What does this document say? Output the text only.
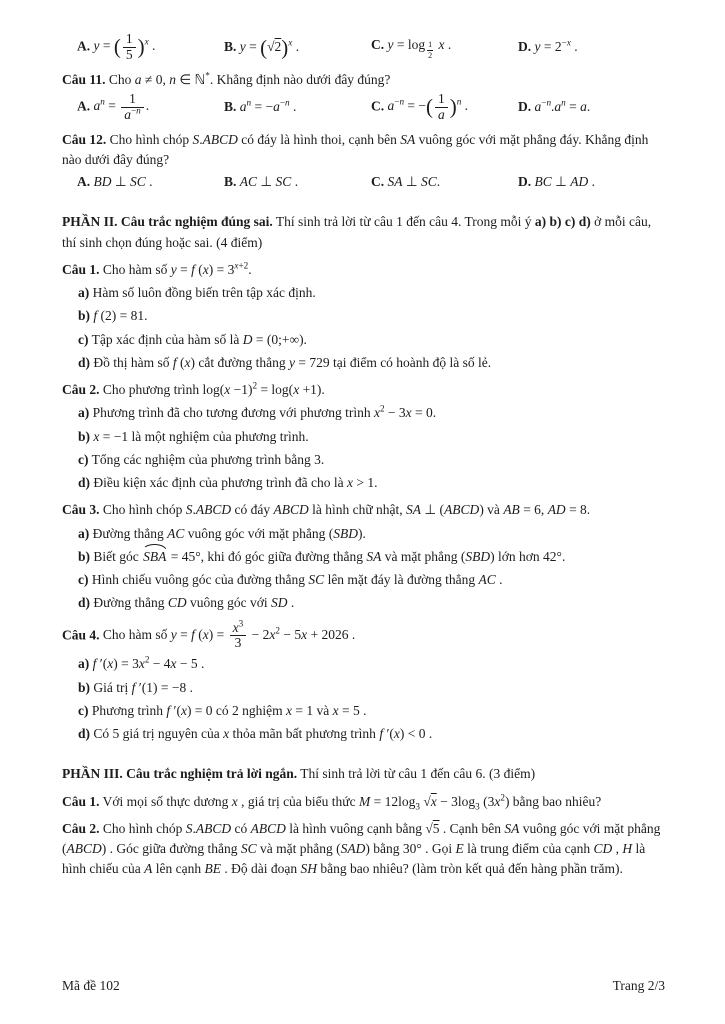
A. y = ( $\frac{1}{5} )^x$ .	B. $y = (√2)^x$ .	C. $y = \log \frac{1}{2}$ x .	D. $y = 2^{-x}$ .

Câu 11. Cho a ≠ 0, n ∈ ℕ*. Khẳng định nào dưới đây đúng?

A. $a^n = \frac{1}{a^{-n}}$ .	B. $a^n = -a^{-n}$ .	C. $a^{-n}$ = −( $\frac{1}{a} )^n$ .	D. $a^{-n}.a^n = a$.

Câu 12. Cho hình chóp S.ABCD có đáy là hình thoi, cạnh bên SA vuông góc với mặt phẳng đáy. Khẳng định nào dưới đây đúng?

A. BD ⊥ SC .	B. AC ⊥ SC .	C. SA ⊥ SC.	D. BC ⊥ AD .

PHẦN II. Câu trắc nghiệm đúng sai. Thí sinh trả lời từ câu 1 đến câu 4. Trong mỗi ý a) b) c) d) ở mỗi câu, thí sinh chọn đúng hoặc sai. (4 điểm)

Câu 1. Cho hàm số y = f $(x) = 3^{x+2}$.

a) Hàm số luôn đồng biến trên tập xác định.

b) f (2) = 81.

c) Tập xác định của hàm số là D = (0;+∞).

d) Đồ thị hàm số f (x) cắt đường thẳng y = 729 tại điểm có hoành độ là số lẻ.

Câu 2. Cho phương trình $\log(x -1)^2 = \log(x +1)$.

a) Phương trình đã cho tương đương với phương trình $x^2 - 3x = 0$.

b) x = −1 là một nghiệm của phương trình.

c) Tổng các nghiệm của phương trình bằng 3.

d) Điều kiện xác định của phương trình đã cho là x > 1.

Câu 3. Cho hình chóp S.ABCD có đáy ABCD là hình chữ nhật, SA ⊥ (ABCD) và AB = 6, AD = 8.

a) Đường thẳng AC vuông góc với mặt phẳng (SBD).

b) Biết góc SBA = 45°, khi đó góc giữa đường thẳng SA và mặt phẳng (SBD) lớn hơn 42°.

c) Hình chiếu vuông góc của đường thẳng SC lên mặt đáy là đường thẳng AC .

d) Đường thẳng CD vuông góc với SD .

Câu 4. Cho hàm số y = f $(x) = \frac{x^3}{3} - 2x^2 - 5x + 2026$ .

a) f $'(x) = 3x^2 - 4x - 5$ .

b) Giá trị f ′(1) = −8 .

c) Phương trình f ′(x) = 0 có 2 nghiệm x = 1 và x = 5 .

d) Có 5 giá trị nguyên của x thỏa mãn bất phương trình f ′(x) < 0 .

PHẦN III. Câu trắc nghiệm trả lời ngắn. Thí sinh trả lời từ câu 1 đến câu 6. (3 điểm)

Câu 1. Với mọi số thực dương x , giá trị của biểu thức $M = 12\log_3$ $√x - 3\log_3$ $(3x^2)$ bằng bao nhiêu?

Câu 2. Cho hình chóp S.ABCD có ABCD là hình vuông cạnh bằng √5 . Cạnh bên SA vuông góc với mặt phẳng (ABCD) . Góc giữa đường thẳng SC và mặt phẳng (SAD) bằng 30° . Gọi E là trung điểm của cạnh CD , H là hình chiếu của A lên cạnh BE . Độ dài đoạn SH bằng bao nhiêu? (làm tròn kết quả đến hàng phần trăm).

Mã đề 102	Trang 2/3
